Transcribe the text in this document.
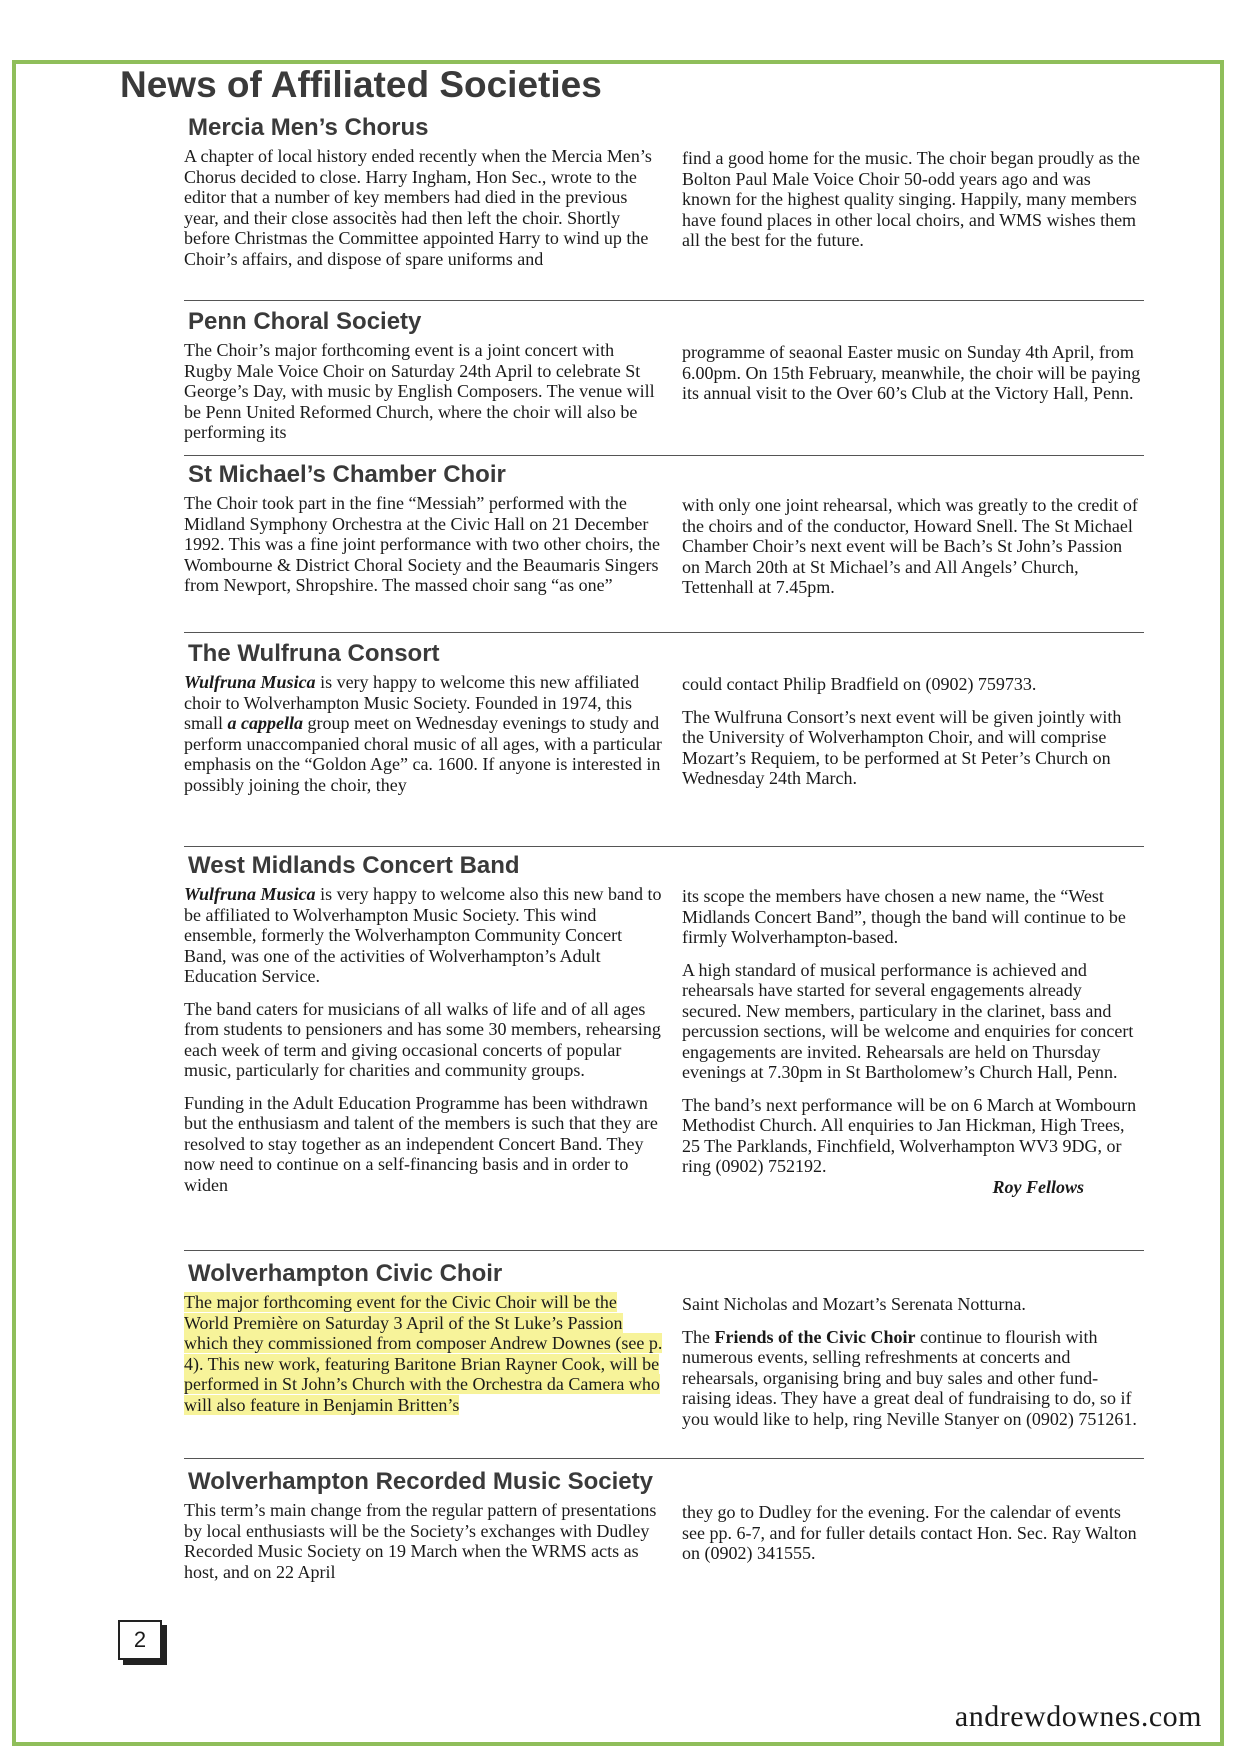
News of Affiliated Societies
Mercia Men’s Chorus

A chapter of local history ended recently when the Mercia Men’s Chorus decided to close. Harry Ingham, Hon Sec., wrote to the editor that a number of key members had died in the previous year, and their close associtès had then left the choir. Shortly before Christmas the Committee appointed Harry to wind up the Choir’s affairs, and dispose of spare uniforms and

find a good home for the music. The choir began proudly as the Bolton Paul Male Voice Choir 50-odd years ago and was known for the highest quality singing. Happily, many members have found places in other local choirs, and WMS wishes them all the best for the future.

Penn Choral Society

The Choir’s major forthcoming event is a joint concert with Rugby Male Voice Choir on Saturday 24th April to celebrate St George’s Day, with music by English Composers. The venue will be Penn United Reformed Church, where the choir will also be performing its

programme of seaonal Easter music on Sunday 4th April, from 6.00pm. On 15th February, meanwhile, the choir will be paying its annual visit to the Over 60’s Club at the Victory Hall, Penn.

St Michael’s Chamber Choir

The Choir took part in the fine “Messiah” performed with the Midland Symphony Orchestra at the Civic Hall on 21 December 1992. This was a fine joint performance with two other choirs, the Wombourne & District Choral Society and the Beaumaris Singers from Newport, Shropshire. The massed choir sang “as one”

with only one joint rehearsal, which was greatly to the credit of the choirs and of the conductor, Howard Snell. The St Michael Chamber Choir’s next event will be Bach’s St John’s Passion on March 20th at St Michael’s and All Angels’ Church, Tettenhall at 7.45pm.

The Wulfruna Consort

Wulfruna Musica is very happy to welcome this new affiliated choir to Wolverhampton Music Society. Founded in 1974, this small a cappella group meet on Wednesday evenings to study and perform unaccompanied choral music of all ages, with a particular emphasis on the “Goldon Age” ca. 1600. If anyone is interested in possibly joining the choir, they

could contact Philip Bradfield on (0902) 759733.

The Wulfruna Consort’s next event will be given jointly with the University of Wolverhampton Choir, and will comprise Mozart’s Requiem, to be performed at St Peter’s Church on Wednesday 24th March.

West Midlands Concert Band

Wulfruna Musica is very happy to welcome also this new band to be affiliated to Wolverhampton Music Society. This wind ensemble, formerly the Wolverhampton Community Concert Band, was one of the activities of Wolverhampton’s Adult Education Service.

The band caters for musicians of all walks of life and of all ages from students to pensioners and has some 30 members, rehearsing each week of term and giving occasional concerts of popular music, particularly for charities and community groups.

Funding in the Adult Education Programme has been withdrawn but the enthusiasm and talent of the members is such that they are resolved to stay together as an independent Concert Band. They now need to continue on a self-financing basis and in order to widen

its scope the members have chosen a new name, the “West Midlands Concert Band”, though the band will continue to be firmly Wolverhampton-based.

A high standard of musical performance is achieved and rehearsals have started for several engagements already secured. New members, particulary in the clarinet, bass and percussion sections, will be welcome and enquiries for concert engagements are invited. Rehearsals are held on Thursday evenings at 7.30pm in St Bartholomew’s Church Hall, Penn.

The band’s next performance will be on 6 March at Wombourn Methodist Church. All enquiries to Jan Hickman, High Trees, 25 The Parklands, Finchfield, Wolverhampton WV3 9DG, or ring (0902) 752192.

Roy Fellows
Wolverhampton Civic Choir

The major forthcoming event for the Civic Choir will be the World Première on Saturday 3 April of the St Luke’s Passion which they commissioned from composer Andrew Downes (see p. 4). This new work, featuring Baritone Brian Rayner Cook, will be performed in St John’s Church with the Orchestra da Camera who will also feature in Benjamin Britten’s

Saint Nicholas and Mozart’s Serenata Notturna.

The Friends of the Civic Choir continue to flourish with numerous events, selling refreshments at concerts and rehearsals, organising bring and buy sales and other fund-raising ideas. They have a great deal of fundraising to do, so if you would like to help, ring Neville Stanyer on (0902) 751261.

Wolverhampton Recorded Music Society

This term’s main change from the regular pattern of presentations by local enthusiasts will be the Society’s exchanges with Dudley Recorded Music Society on 19 March when the WRMS acts as host, and on 22 April

they go to Dudley for the evening. For the calendar of events see pp. 6-7, and for fuller details contact Hon. Sec. Ray Walton on (0902) 341555.

2
andrewdownes.com
